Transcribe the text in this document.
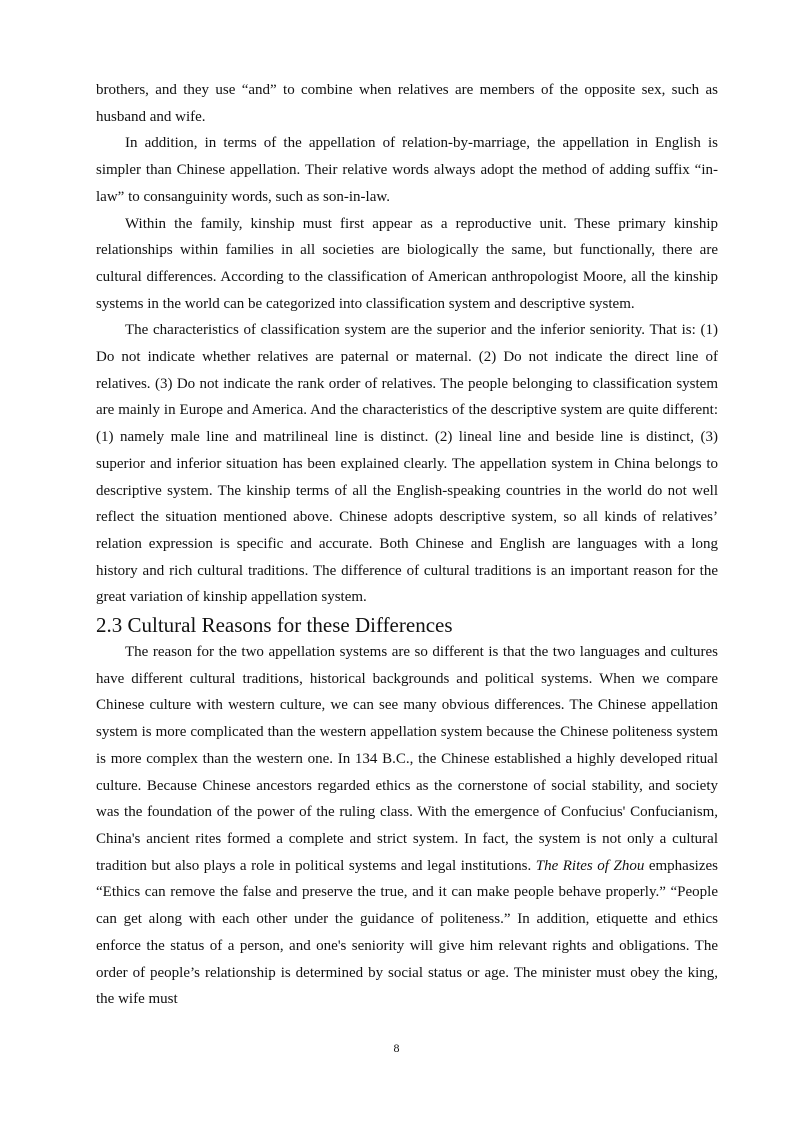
brothers, and they use “and” to combine when relatives are members of the opposite sex, such as husband and wife.

In addition, in terms of the appellation of relation-by-marriage, the appellation in English is simpler than Chinese appellation. Their relative words always adopt the method of adding suffix “in-law” to consanguinity words, such as son-in-law.

Within the family, kinship must first appear as a reproductive unit. These primary kinship relationships within families in all societies are biologically the same, but functionally, there are cultural differences. According to the classification of American anthropologist Moore, all the kinship systems in the world can be categorized into classification system and descriptive system.

The characteristics of classification system are the superior and the inferior seniority. That is: (1) Do not indicate whether relatives are paternal or maternal. (2) Do not indicate the direct line of relatives. (3) Do not indicate the rank order of relatives. The people belonging to classification system are mainly in Europe and America. And the characteristics of the descriptive system are quite different: (1) namely male line and matrilineal line is distinct. (2) lineal line and beside line is distinct, (3) superior and inferior situation has been explained clearly. The appellation system in China belongs to descriptive system. The kinship terms of all the English-speaking countries in the world do not well reflect the situation mentioned above. Chinese adopts descriptive system, so all kinds of relatives’ relation expression is specific and accurate. Both Chinese and English are languages with a long history and rich cultural traditions. The difference of cultural traditions is an important reason for the great variation of kinship appellation system.

2.3 Cultural Reasons for these Differences

The reason for the two appellation systems are so different is that the two languages and cultures have different cultural traditions, historical backgrounds and political systems. When we compare Chinese culture with western culture, we can see many obvious differences. The Chinese appellation system is more complicated than the western appellation system because the Chinese politeness system is more complex than the western one. In 134 B.C., the Chinese established a highly developed ritual culture. Because Chinese ancestors regarded ethics as the cornerstone of social stability, and society was the foundation of the power of the ruling class. With the emergence of Confucius' Confucianism, China's ancient rites formed a complete and strict system. In fact, the system is not only a cultural tradition but also plays a role in political systems and legal institutions. The Rites of Zhou emphasizes “Ethics can remove the false and preserve the true, and it can make people behave properly.” “People can get along with each other under the guidance of politeness.” In addition, etiquette and ethics enforce the status of a person, and one's seniority will give him relevant rights and obligations. The order of people’s relationship is determined by social status or age. The minister must obey the king, the wife must

8
